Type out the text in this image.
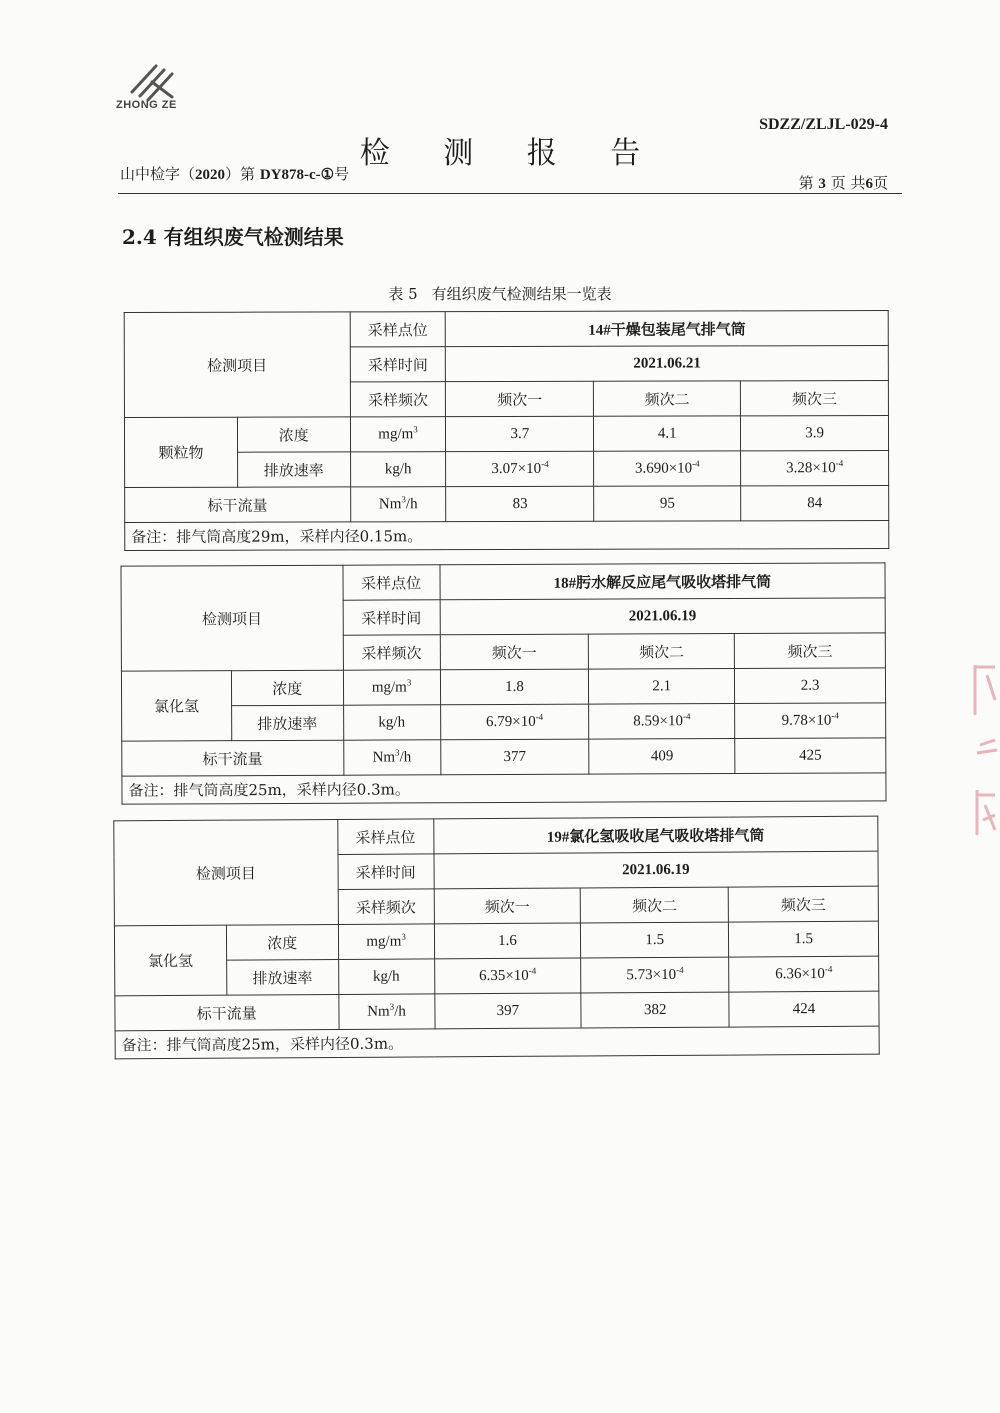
ZHONG ZE
SDZZ/ZLJL-029-4
检 测 报 告
山中检字（2020）第 DY878-c-①号	第 3 页 共6页
2.4 有组织废气检测结果
表 5 有组织废气检测结果一览表
检测项目		采样点位	14#干燥包装尾气排气筒		
		采样时间	2021.06.21		
		采样频次	频次一	频次二	频次三
颗粒物	浓度	$mg/m^3$	3.7	4.1	3.9
	排放速率	kg/h	$3.07\times 10^{-4}$	$3.690\times 10^{-4}$	$3.28\times 10^{-4}$
标干流量		Nm$^3$/h	83	95	84
备注：排气筒高度29m，采样内径0.15m。					
检测项目		采样点位	18#肟水解反应尾气吸收塔排气筒		
		采样时间	2021.06.19		
		采样频次	频次一	频次二	频次三
氯化氢	浓度	$mg/m^3$	1.8	2.1	2.3
	排放速率	kg/h	$6.79\times 10^{-4}$	$8.59\times 10^{-4}$	$9.78\times 10^{-4}$
标干流量		Nm$^3$/h	377	409	425
备注：排气筒高度25m，采样内径0.3m。					
检测项目		采样点位	19#氯化氢吸收尾气吸收塔排气筒		
		采样时间	2021.06.19		
		采样频次	频次一	频次二	频次三
氯化氢	浓度	$mg/m^3$	1.6	1.5	1.5
	排放速率	kg/h	$6.35\times 10^{-4}$	$5.73\times 10^{-4}$	$6.36\times 10^{-4}$
标干流量		Nm$^3$/h	397	382	424
备注：排气筒高度25m，采样内径0.3m。					
